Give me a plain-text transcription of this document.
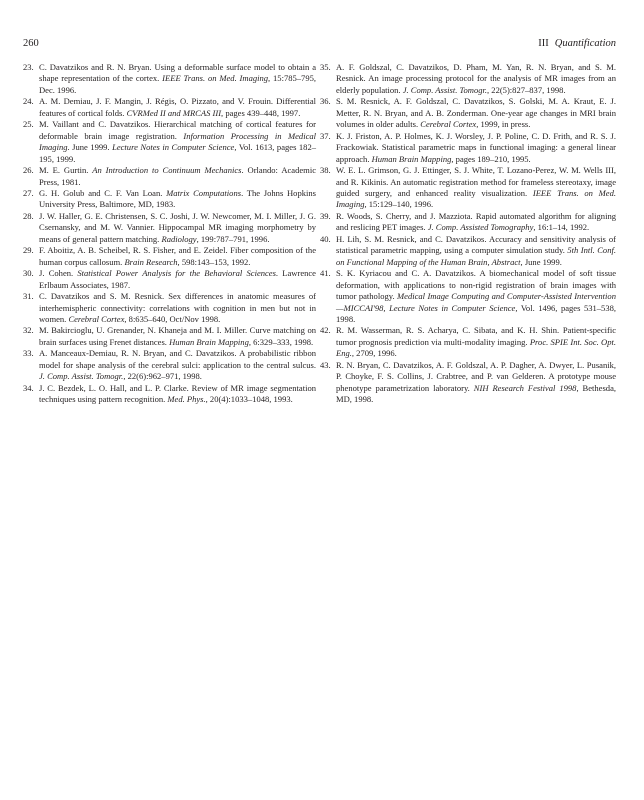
260	III Quantification
23. C. Davatzikos and R. N. Bryan. Using a deformable surface model to obtain a shape representation of the cortex. IEEE Trans. on Med. Imaging, 15:785–795, Dec. 1996.
24. A. M. Demiau, J. F. Mangin, J. Régis, O. Pizzato, and V. Frouin. Differential features of cortical folds. CVRMed II and MRCAS III, pages 439–448, 1997.
25. M. Vaillant and C. Davatzikos. Hierarchical matching of cortical features for deformable brain image registration. Information Processing in Medical Imaging. June 1999. Lecture Notes in Computer Science, Vol. 1613, pages 182–195, 1999.
26. M. E. Gurtin. An Introduction to Continuum Mechanics. Orlando: Academic Press, 1981.
27. G. H. Golub and C. F. Van Loan. Matrix Computations. The Johns Hopkins University Press, Baltimore, MD, 1983.
28. J. W. Haller, G. E. Christensen, S. C. Joshi, J. W. Newcomer, M. I. Miller, J. G. Csernansky, and M. W. Vannier. Hippocampal MR imaging morphometry by means of general pattern matching. Radiology, 199:787–791, 1996.
29. F. Aboitiz, A. B. Scheibel, R. S. Fisher, and E. Zeidel. Fiber composition of the human corpus callosum. Brain Research, 598:143–153, 1992.
30. J. Cohen. Statistical Power Analysis for the Behavioral Sciences. Lawrence Erlbaum Associates, 1987.
31. C. Davatzikos and S. M. Resnick. Sex differences in anatomic measures of interhemispheric connectivity: correlations with cognition in men but not in women. Cerebral Cortex, 8:635–640, Oct/Nov 1998.
32. M. Bakircioglu, U. Grenander, N. Khaneja and M. I. Miller. Curve matching on brain surfaces using Frenet distances. Human Brain Mapping, 6:329–333, 1998.
33. A. Manceaux-Demiau, R. N. Bryan, and C. Davatzikos. A probabilistic ribbon model for shape analysis of the cerebral sulci: application to the central sulcus. J. Comp. Assist. Tomogr., 22(6):962–971, 1998.
34. J. C. Bezdek, L. O. Hall, and L. P. Clarke. Review of MR image segmentation techniques using pattern recognition. Med. Phys., 20(4):1033–1048, 1993.
35. A. F. Goldszal, C. Davatzikos, D. Pham, M. Yan, R. N. Bryan, and S. M. Resnick. An image processing protocol for the analysis of MR images from an elderly population. J. Comp. Assist. Tomogr., 22(5):827–837, 1998.
36. S. M. Resnick, A. F. Goldszal, C. Davatzikos, S. Golski, M. A. Kraut, E. J. Metter, R. N. Bryan, and A. B. Zonderman. One-year age changes in MRI brain volumes in older adults. Cerebral Cortex, 1999, in press.
37. K. J. Friston, A. P. Holmes, K. J. Worsley, J. P. Poline, C. D. Frith, and R. S. J. Frackowiak. Statistical parametric maps in functional imaging: a general linear approach. Human Brain Mapping, pages 189–210, 1995.
38. W. E. L. Grimson, G. J. Ettinger, S. J. White, T. Lozano-Perez, W. M. Wells III, and R. Kikinis. An automatic registration method for frameless stereotaxy, image guided surgery, and enhanced reality visualization. IEEE Trans. on Med. Imaging, 15:129–140, 1996.
39. R. Woods, S. Cherry, and J. Mazziota. Rapid automated algorithm for aligning and reslicing PET images. J. Comp. Assisted Tomography, 16:1–14, 1992.
40. H. Lih, S. M. Resnick, and C. Davatzikos. Accuracy and sensitivity analysis of statistical parametric mapping, using a computer simulation study. 5th Intl. Conf. on Functional Mapping of the Human Brain, Abstract, June 1999.
41. S. K. Kyriacou and C. A. Davatzikos. A biomechanical model of soft tissue deformation, with applications to non-rigid registration of brain images with tumor pathology. Medical Image Computing and Computer-Assisted Intervention—MICCAI'98, Lecture Notes in Computer Science, Vol. 1496, pages 531–538, 1998.
42. R. M. Wasserman, R. S. Acharya, C. Sibata, and K. H. Shin. Patient-specific tumor prognosis prediction via multi-modality imaging. Proc. SPIE Int. Soc. Opt. Eng., 2709, 1996.
43. R. N. Bryan, C. Davatzikos, A. F. Goldszal, A. P. Dagher, A. Dwyer, L. Pusanik, P. Choyke, F. S. Collins, J. Crabtree, and P. van Gelderen. A prototype mouse phenotype parametrization laboratory. NIH Research Festival 1998, Bethesda, MD, 1998.
